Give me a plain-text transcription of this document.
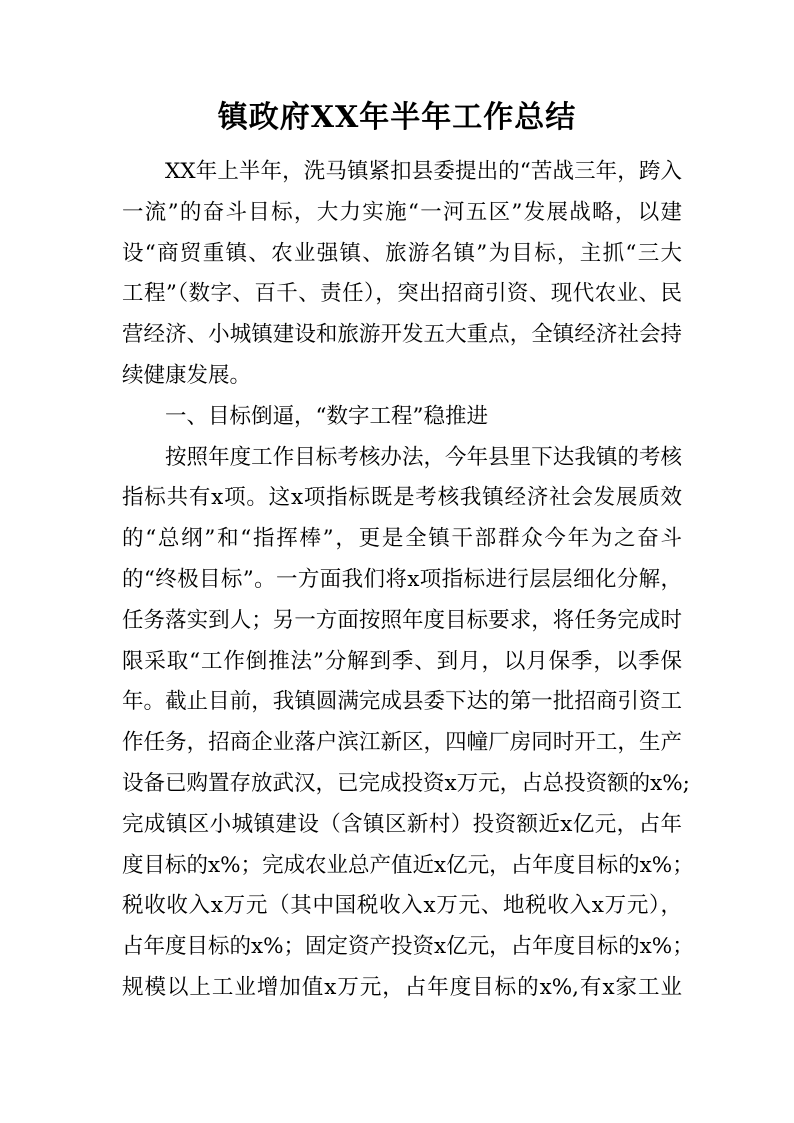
镇政府XX年半年工作总结
XX年上半年，洗马镇紧扣县委提出的“苦战三年，跨入
一流”的奋斗目标，大力实施“一河五区”发展战略，以建
设“商贸重镇、农业强镇、旅游名镇”为目标，主抓“三大
工程”（数字、百千、责任），突出招商引资、现代农业、民
营经济、小城镇建设和旅游开发五大重点，全镇经济社会持
续健康发展。
一、目标倒逼，“数字工程”稳推进
按照年度工作目标考核办法，今年县里下达我镇的考核
指标共有x项。这x项指标既是考核我镇经济社会发展质效
的“总纲”和“指挥棒”，更是全镇干部群众今年为之奋斗
的“终极目标”。一方面我们将x项指标进行层层细化分解，
任务落实到人；另一方面按照年度目标要求，将任务完成时
限采取“工作倒推法”分解到季、到月，以月保季，以季保
年。截止目前，我镇圆满完成县委下达的第一批招商引资工
作任务，招商企业落户滨江新区，四幢厂房同时开工，生产
设备已购置存放武汉，已完成投资x万元，占总投资额的x%;
完成镇区小城镇建设（含镇区新村）投资额近x亿元，占年
度目标的x%；完成农业总产值近x亿元，占年度目标的x%；
税收收入x万元（其中国税收入x万元、地税收入x万元），
占年度目标的x%；固定资产投资x亿元，占年度目标的x%；
规模以上工业增加值x万元，占年度目标的x%,有x家工业
